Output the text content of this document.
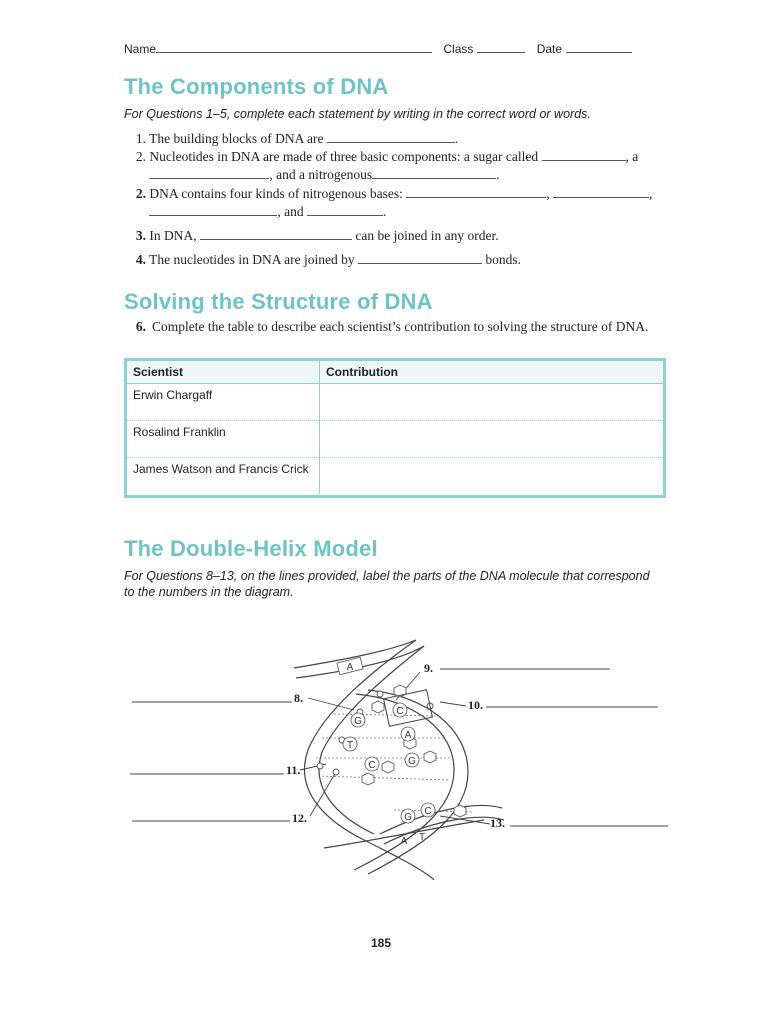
Name	Class	Date
The Components of DNA
For Questions 1–5, complete each statement by writing in the correct word or words.
1. The building blocks of DNA are	.
2. Nucleotides in DNA are made of three basic components: a sugar called	, a
, and a nitrogenous	.
2. DNA contains four kinds of nitrogenous bases:	,	,
, and	.
3. In DNA,	can be joined in any order.
4. The nucleotides in DNA are joined by	bonds.
Solving the Structure of DNA
6. Complete the table to describe each scientist’s contribution to solving the structure of DNA.
Scientist	Contribution
Erwin Chargaff	
Rosalind Franklin	
James Watson and Francis Crick	
The Double-Helix Model
For Questions 8–13, on the lines provided, label the parts of the DNA molecule that correspond to the numbers in the diagram.
A
G
C
T
A
C	G
G
C
A T
8.
9.
10.
11.
12.	13.
185
